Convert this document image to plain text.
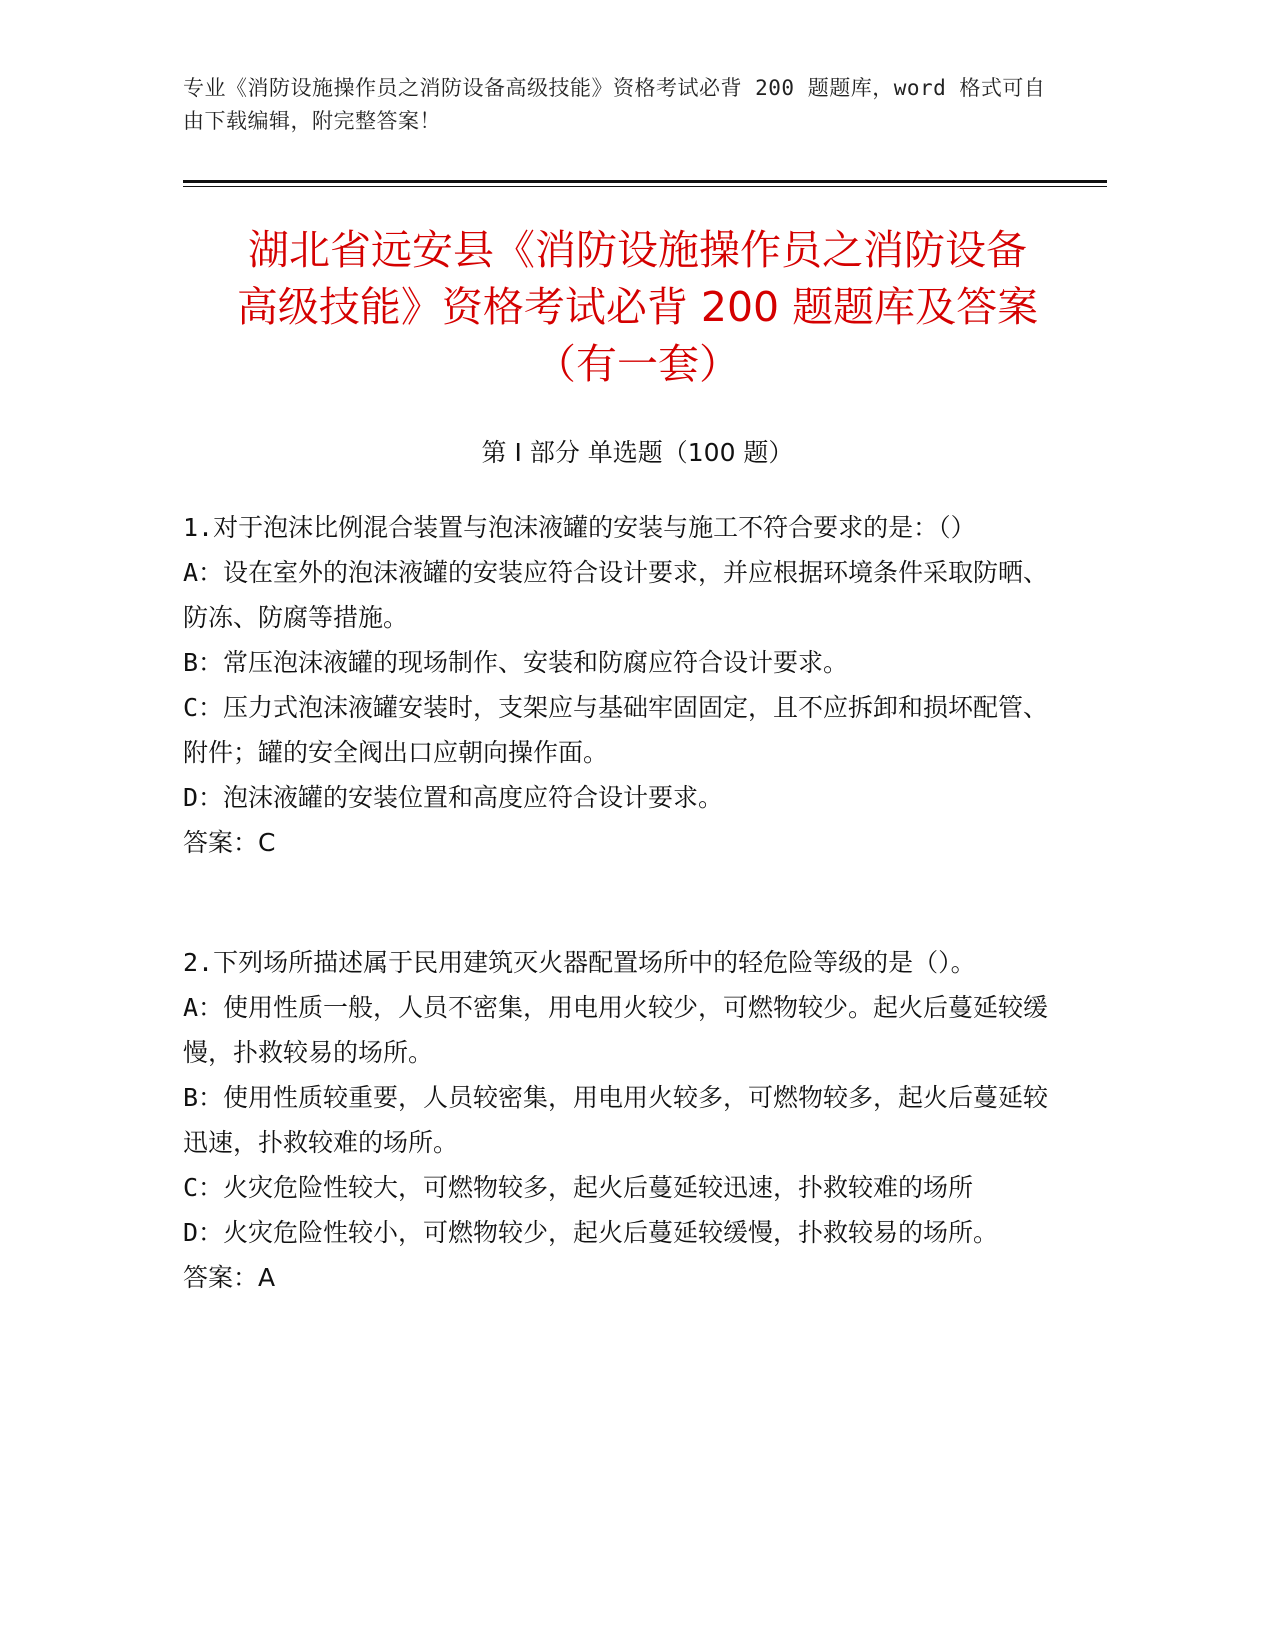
专业《消防设施操作员之消防设备高级技能》资格考试必背 200 题题库，word 格式可自由下载编辑，附完整答案！
湖北省远安县《消防设施操作员之消防设备
高级技能》资格考试必背 200 题题库及答案
（有一套）
第 I 部分 单选题（100 题）

1.对于泡沫比例混合装置与泡沫液罐的安装与施工不符合要求的是：（）

A：设在室外的泡沫液罐的安装应符合设计要求，并应根据环境条件采取防晒、防冻、防腐等措施。

B：常压泡沫液罐的现场制作、安装和防腐应符合设计要求。

C：压力式泡沫液罐安装时，支架应与基础牢固固定，且不应拆卸和损坏配管、附件；罐的安全阀出口应朝向操作面。

D：泡沫液罐的安装位置和高度应符合设计要求。

答案：C

2.下列场所描述属于民用建筑灭火器配置场所中的轻危险等级的是（）。

A：使用性质一般，人员不密集，用电用火较少，可燃物较少。起火后蔓延较缓慢，扑救较易的场所。

B：使用性质较重要，人员较密集，用电用火较多，可燃物较多，起火后蔓延较迅速，扑救较难的场所。

C：火灾危险性较大，可燃物较多，起火后蔓延较迅速，扑救较难的场所

D：火灾危险性较小，可燃物较少，起火后蔓延较缓慢，扑救较易的场所。

答案：A
